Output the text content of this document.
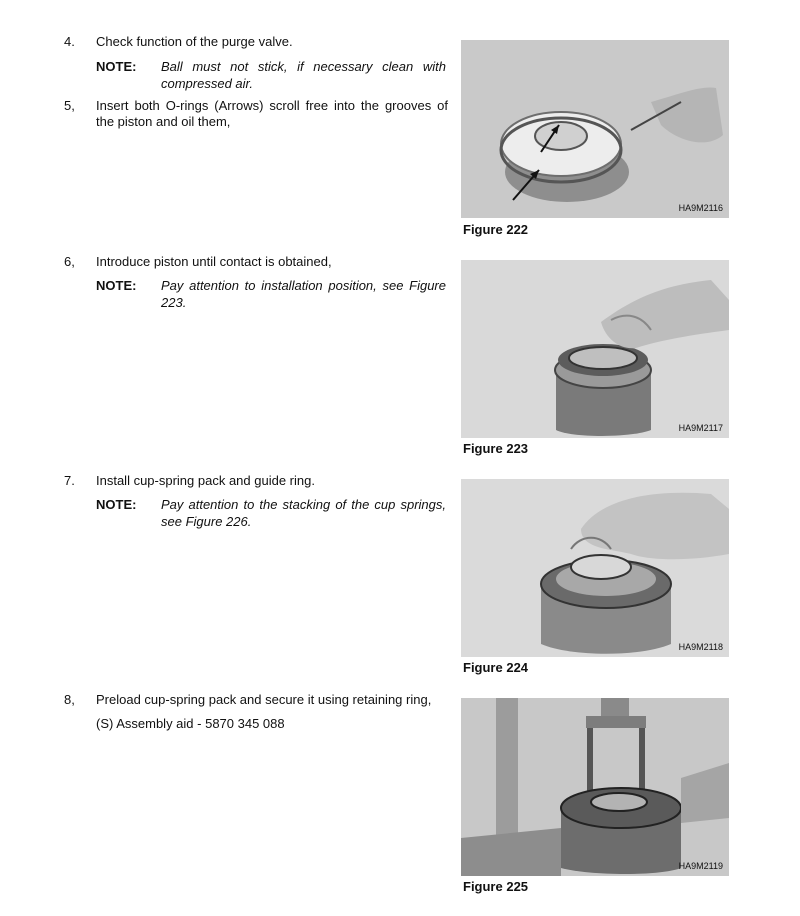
4. Check function of the purge valve.
NOTE: Ball must not stick, if necessary clean with compressed air.
5, Insert both O-rings (Arrows) scroll free into the grooves of the piston and oil them,
6, Introduce piston until contact is obtained,
NOTE: Pay attention to installation position, see Figure 223.
7. Install cup-spring pack and guide ring.
NOTE: Pay attention to the stacking of the cup springs, see Figure 226.
8, Preload cup-spring pack and secure it using retaining ring,
(S) Assembly aid - 5870 345 088
HA9M2116
Figure 222
HA9M2117
Figure 223
HA9M2118
Figure 224
HA9M2119
Figure 225
